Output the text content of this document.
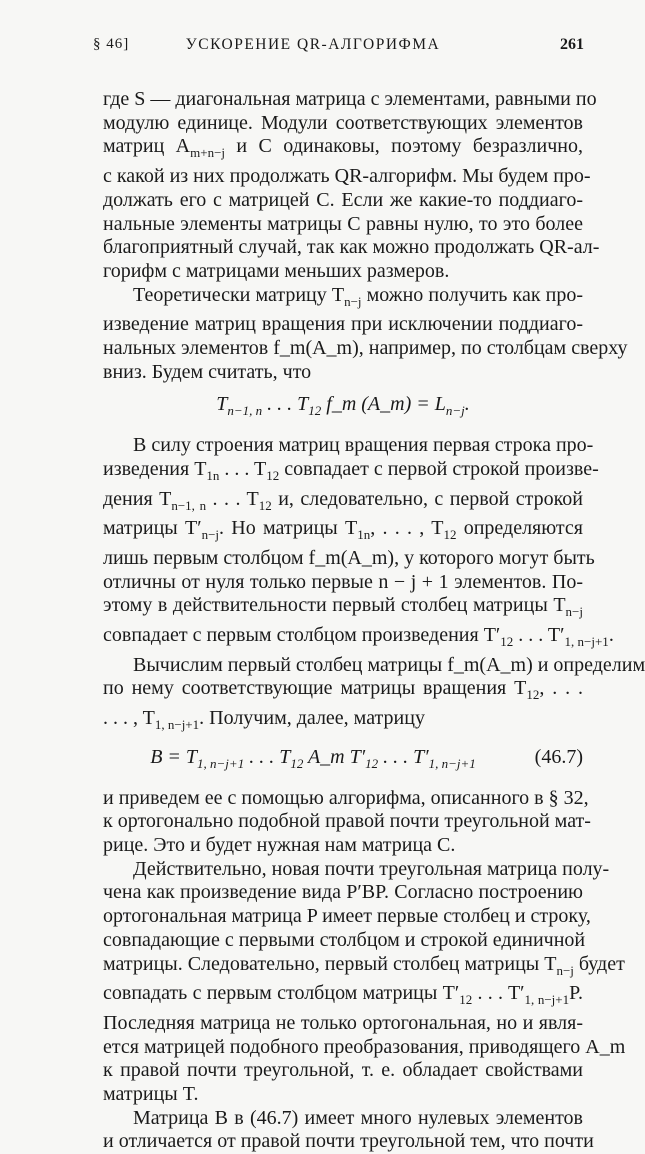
§ 46]	УСКОРЕНИЕ QR-АЛГОРИФМА	261
где S — диагональная матрица с элементами, равными по
модулю единице. Модули соответствующих элементов
матриц $A_{m+n-j}$ и C одинаковы, поэтому безразлично,
с какой из них продолжать QR-алгорифм. Мы будем про-
должать его с матрицей C. Если же какие-то поддиаго-
нальные элементы матрицы C равны нулю, то это более
благоприятный случай, так как можно продолжать QR-ал-
горифм с матрицами меньших размеров.
Теоретически матрицу $T_{n-j}$ можно получить как про-
изведение матриц вращения при исключении поддиаго-
нальных элементов f_m(A_m), например, по столбцам сверху
вниз. Будем считать, что
$T_{n-1, n}$ . . . $T_{12}$ f_m (A_m) = $L_{n-j}$.
В силу строения матриц вращения первая строка про-
изведения $T_{1n}$ . . . $T_{12}$ совпадает с первой строкой произве-
дения $T_{n-1, n}$ . . . $T_{12}$ и, следовательно, с первой строкой
матрицы $T'_{n-j}$. Но матрицы $T_{1n}$, . . . , $T_{12}$ определяются
лишь первым столбцом f_m(A_m), у которого могут быть
отличны от нуля только первые n − j + 1 элементов. По-
этому в действительности первый столбец матрицы $T_{n-j}$
совпадает с первым столбцом произведения $T'_{12}$ . . . $T'_{1, n-j+1}$.
Вычислим первый столбец матрицы f_m(A_m) и определим
по нему соответствующие матрицы вращения $T_{12}$, . . .
. . . , $T_{1, n-j+1}$. Получим, далее, матрицу
$B = T_{1, n-j+1}$ . . . $T_{12}$ A_m $T'_{12}$ . . . $T'_{1, n-j+1}$	(46.7)
и приведем ее с помощью алгорифма, описанного в § 32,
к ортогонально подобной правой почти треугольной мат-
рице. Это и будет нужная нам матрица C.
Действительно, новая почти треугольная матрица полу-
чена как произведение вида P′BP. Согласно построению
ортогональная матрица P имеет первые столбец и строку,
совпадающие с первыми столбцом и строкой единичной
матрицы. Следовательно, первый столбец матрицы $T_{n-j}$ будет
совпадать с первым столбцом матрицы $T'_{12}$ . . . $T'_{1, n-j+1}P$.
Последняя матрица не только ортогональная, но и явля-
ется матрицей подобного преобразования, приводящего A_m
к правой почти треугольной, т. е. обладает свойствами
матрицы T.
Матрица B в (46.7) имеет много нулевых элементов
и отличается от правой почти треугольной тем, что почти
